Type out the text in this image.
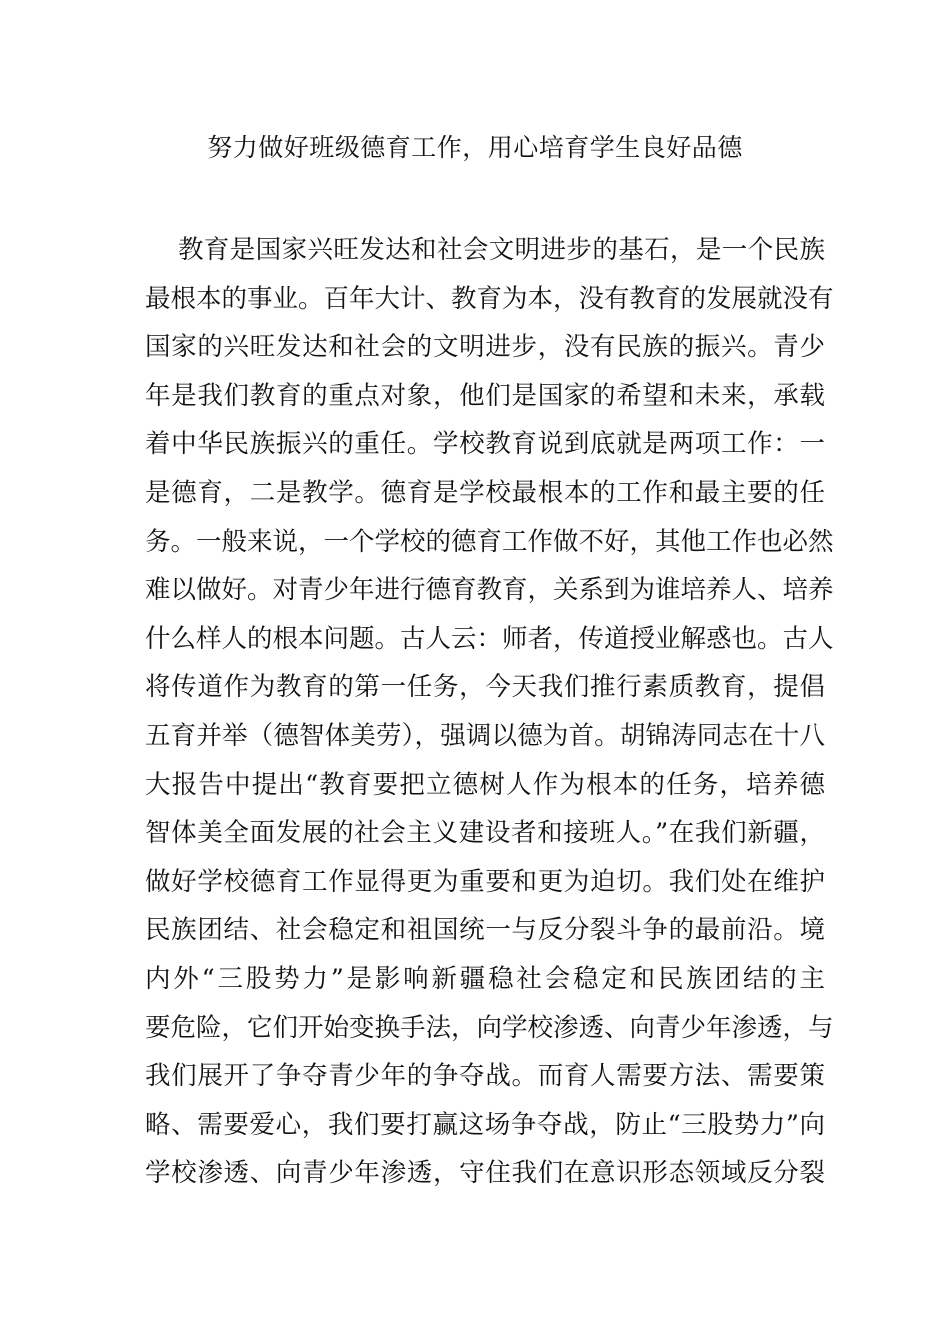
努力做好班级德育工作，用心培育学生良好品德
教育是国家兴旺发达和社会文明进步的基石，是一个民族
最根本的事业。百年大计、教育为本，没有教育的发展就没有
国家的兴旺发达和社会的文明进步，没有民族的振兴。青少
年是我们教育的重点对象，他们是国家的希望和未来，承载
着中华民族振兴的重任。学校教育说到底就是两项工作：一
是德育，二是教学。德育是学校最根本的工作和最主要的任
务。一般来说，一个学校的德育工作做不好，其他工作也必然
难以做好。对青少年进行德育教育，关系到为谁培养人、培养
什么样人的根本问题。古人云：师者，传道授业解惑也。古人
将传道作为教育的第一任务，今天我们推行素质教育，提倡
五育并举（德智体美劳），强调以德为首。胡锦涛同志在十八
大报告中提出“教育要把立德树人作为根本的任务，培养德
智体美全面发展的社会主义建设者和接班人。”在我们新疆，
做好学校德育工作显得更为重要和更为迫切。我们处在维护
民族团结、社会稳定和祖国统一与反分裂斗争的最前沿。境
内外“三股势力”是影响新疆稳社会稳定和民族团结的主
要危险，它们开始变换手法，向学校渗透、向青少年渗透，与
我们展开了争夺青少年的争夺战。而育人需要方法、需要策
略、需要爱心，我们要打赢这场争夺战，防止“三股势力”向
学校渗透、向青少年渗透，守住我们在意识形态领域反分裂
